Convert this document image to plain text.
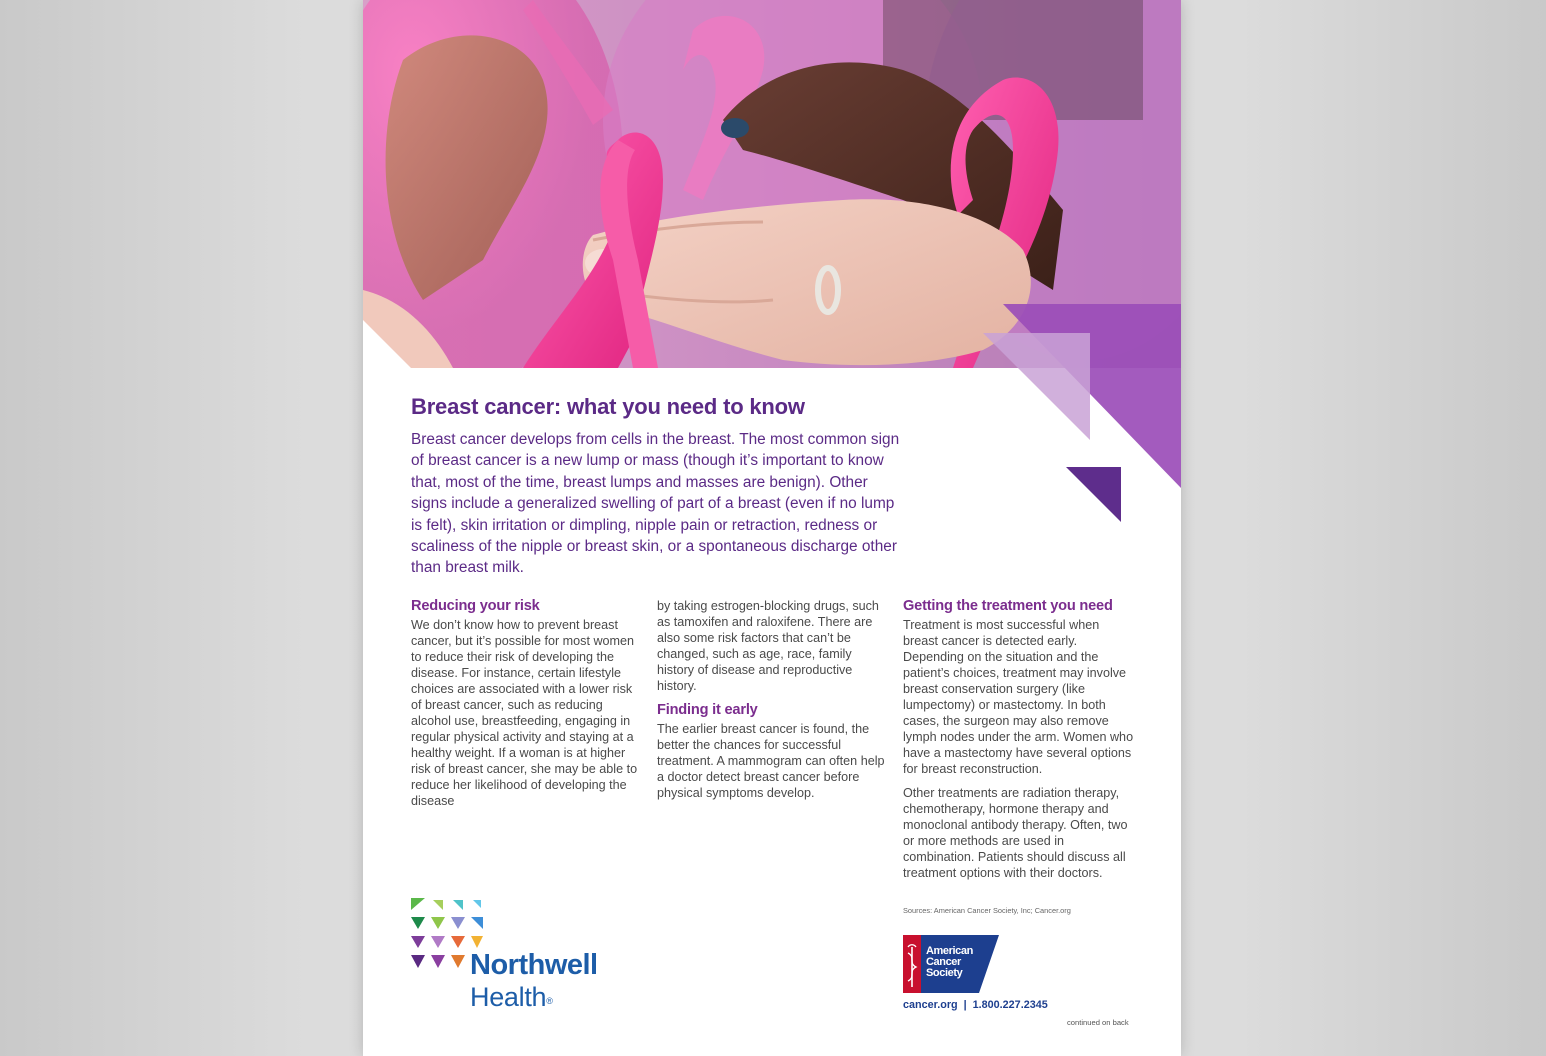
Breast cancer: what you need to know

Breast cancer develops from cells in the breast. The most common sign of breast cancer is a new lump or mass (though it’s important to know that, most of the time, breast lumps and masses are benign). Other signs include a generalized swelling of part of a breast (even if no lump is felt), skin irritation or dimpling, nipple pain or retraction, redness or scaliness of the nipple or breast skin, or a spontaneous discharge other than breast milk.

Reducing your risk

We don’t know how to prevent breast cancer, but it’s possible for most women to reduce their risk of developing the disease. For instance, certain lifestyle choices are associated with a lower risk of breast cancer, such as reducing alcohol use, breastfeeding, engaging in regular physical activity and staying at a healthy weight. If a woman is at higher risk of breast cancer, she may be able to reduce her likelihood of developing the disease

by taking estrogen-blocking drugs, such as tamoxifen and raloxifene. There are also some risk factors that can’t be changed, such as age, race, family history of disease and reproductive history.

Finding it early

The earlier breast cancer is found, the better the chances for successful treatment. A mammogram can often help a doctor detect breast cancer before physical symptoms develop.

Getting the treatment you need

Treatment is most successful when breast cancer is detected early. Depending on the situation and the patient’s choices, treatment may involve breast conservation surgery (like lumpectomy) or mastectomy. In both cases, the surgeon may also remove lymph nodes under the arm. Women who have a mastectomy have several options for breast reconstruction.

Other treatments are radiation therapy, chemotherapy, hormone therapy and monoclonal antibody therapy. Often, two or more methods are used in combination. Patients should discuss all treatment options with their doctors.

Sources: American Cancer Society, Inc; Cancer.org
American
Cancer
Society
cancer.org | 1.800.227.2345
continued on back
Northwell
Health®
